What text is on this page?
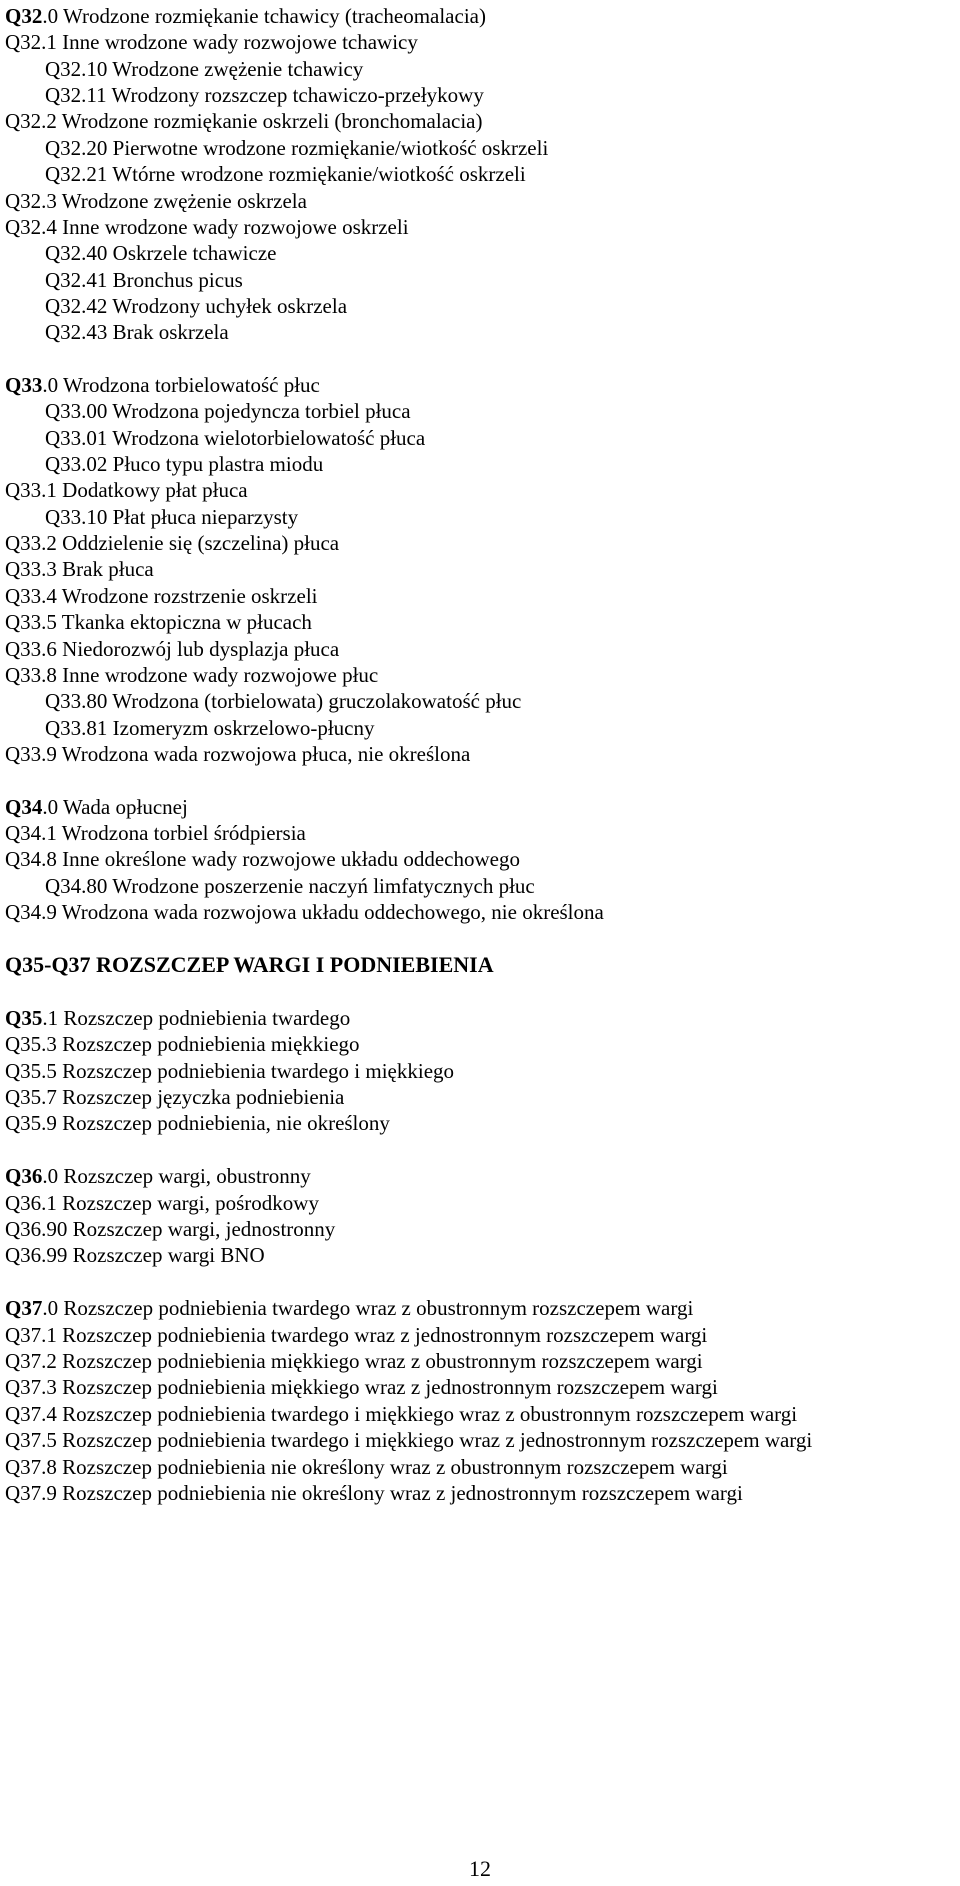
Q32.0 Wrodzone rozmiękanie tchawicy (tracheomalacia)
Q32.1 Inne wrodzone wady rozwojowe tchawicy
Q32.10 Wrodzone zwężenie tchawicy
Q32.11 Wrodzony rozszczep tchawiczo-przełykowy
Q32.2 Wrodzone rozmiękanie oskrzeli (bronchomalacia)
Q32.20 Pierwotne wrodzone rozmiękanie/wiotkość oskrzeli
Q32.21 Wtórne wrodzone rozmiękanie/wiotkość oskrzeli
Q32.3 Wrodzone zwężenie oskrzela
Q32.4 Inne wrodzone wady rozwojowe oskrzeli
Q32.40 Oskrzele tchawicze
Q32.41 Bronchus picus
Q32.42 Wrodzony uchyłek oskrzela
Q32.43 Brak oskrzela
Q33.0 Wrodzona torbielowatość płuc
Q33.00 Wrodzona pojedyncza torbiel płuca
Q33.01 Wrodzona wielotorbielowatość płuca
Q33.02 Płuco typu plastra miodu
Q33.1 Dodatkowy płat płuca
Q33.10 Płat płuca nieparzysty
Q33.2 Oddzielenie się (szczelina) płuca
Q33.3 Brak płuca
Q33.4 Wrodzone rozstrzenie oskrzeli
Q33.5 Tkanka ektopiczna w płucach
Q33.6 Niedorozwój lub dysplazja płuca
Q33.8 Inne wrodzone wady rozwojowe płuc
Q33.80 Wrodzona (torbielowata) gruczolakowatość płuc
Q33.81 Izomeryzm oskrzelowo-płucny
Q33.9 Wrodzona wada rozwojowa płuca, nie określona
Q34.0 Wada opłucnej
Q34.1 Wrodzona torbiel śródpiersia
Q34.8 Inne określone wady rozwojowe układu oddechowego
Q34.80 Wrodzone poszerzenie naczyń limfatycznych płuc
Q34.9 Wrodzona wada rozwojowa układu oddechowego, nie określona
Q35.1 Rozszczep podniebienia twardego
Q35.3 Rozszczep podniebienia miękkiego
Q35.5 Rozszczep podniebienia twardego i miękkiego
Q35.7 Rozszczep języczka podniebienia
Q35.9 Rozszczep podniebienia, nie określony
Q36.0 Rozszczep wargi, obustronny
Q36.1 Rozszczep wargi, pośrodkowy
Q36.90 Rozszczep wargi, jednostronny
Q36.99 Rozszczep wargi BNO
Q37.0 Rozszczep podniebienia twardego wraz z obustronnym rozszczepem wargi
Q37.1 Rozszczep podniebienia twardego wraz z jednostronnym rozszczepem wargi
Q37.2 Rozszczep podniebienia miękkiego wraz z obustronnym rozszczepem wargi
Q37.3 Rozszczep podniebienia miękkiego wraz z jednostronnym rozszczepem wargi
Q37.4 Rozszczep podniebienia twardego i miękkiego wraz z obustronnym rozszczepem wargi
Q37.5 Rozszczep podniebienia twardego i miękkiego wraz z jednostronnym rozszczepem wargi
Q37.8 Rozszczep podniebienia nie określony wraz z obustronnym rozszczepem wargi
Q37.9 Rozszczep podniebienia nie określony wraz z jednostronnym rozszczepem wargi
Q35-Q37 ROZSZCZEP WARGI I PODNIEBIENIA
12
